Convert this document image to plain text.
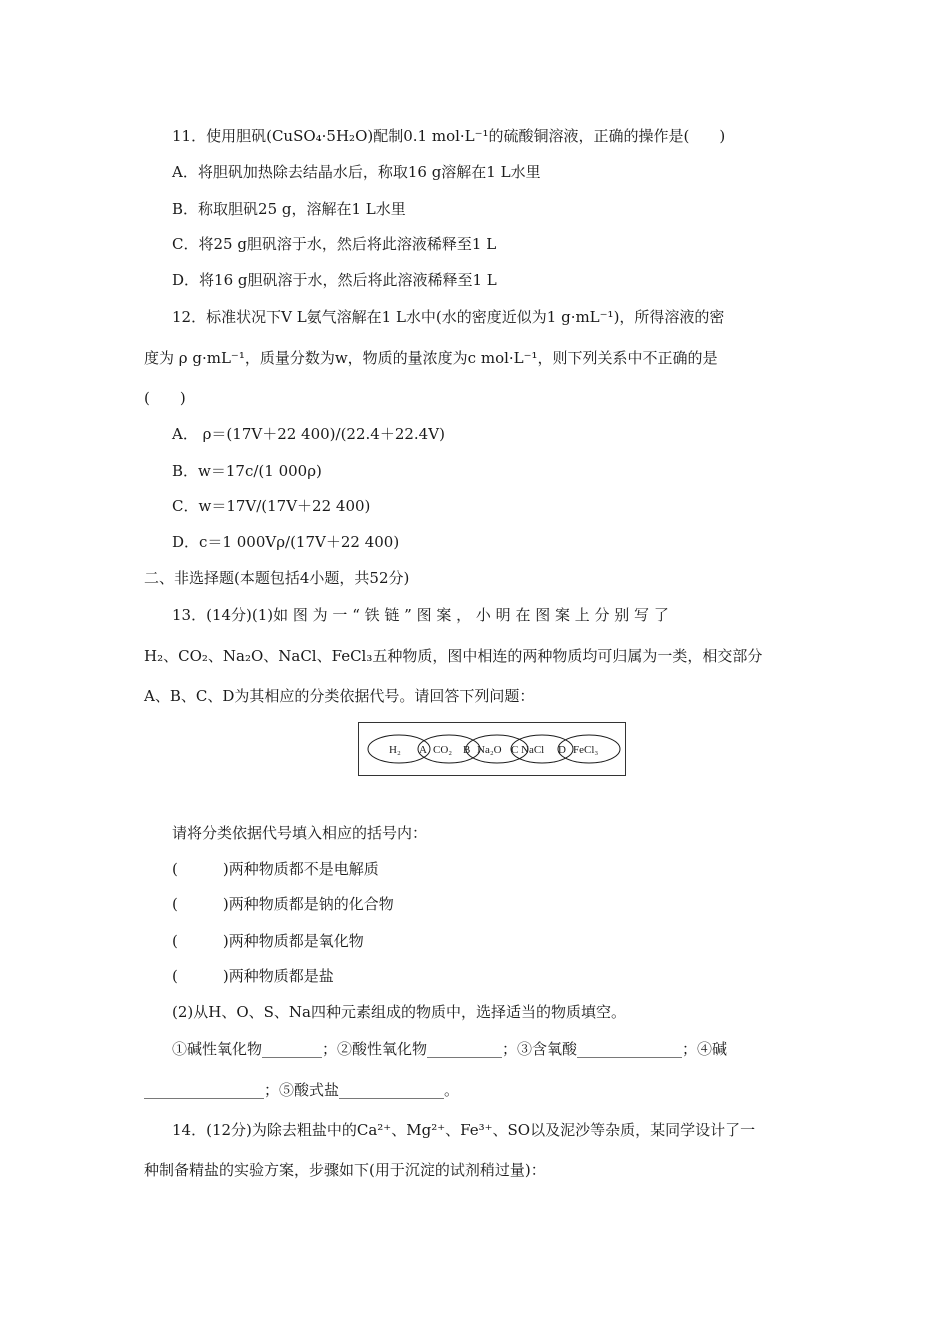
11．使用胆矾(CuSO₄·5H₂O)配制0.1 mol·L⁻¹的硫酸铜溶液，正确的操作是(　　)
A．将胆矾加热除去结晶水后，称取16 g溶解在1 L水里
B．称取胆矾25 g，溶解在1 L水里
C．将25 g胆矾溶于水，然后将此溶液稀释至1 L
D．将16 g胆矾溶于水，然后将此溶液稀释至1 L
12．标准状况下V L氨气溶解在1 L水中(水的密度近似为1 g·mL⁻¹)，所得溶液的密
度为 ρ g·mL⁻¹，质量分数为w，物质的量浓度为c mol·L⁻¹，则下列关系中不正确的是
(　　)
A． ρ＝(17V＋22 400)/(22.4＋22.4V)
B．w＝17c/(1 000ρ)
C．w＝17V/(17V＋22 400)
D．c＝1 000Vρ/(17V＋22 400)
二、非选择题(本题包括4小题，共52分)
13．(14分)(1)如 图 为 一 “ 铁 链 ” 图 案 ， 小 明 在 图 案 上 分 别 写 了
H₂、CO₂、Na₂O、NaCl、FeCl₃五种物质，图中相连的两种物质均可归属为一类，相交部分
A、B、C、D为其相应的分类依据代号。请回答下列问题：
H₂ A CO₂ B Na₂O C NaCl D FeCl₃
请将分类依据代号填入相应的括号内：
(　　　)两种物质都不是电解质
(　　　)两种物质都是钠的化合物
(　　　)两种物质都是氧化物
(　　　)两种物质都是盐
(2)从H、O、S、Na四种元素组成的物质中，选择适当的物质填空。
①碱性氧化物________；②酸性氧化物__________；③含氧酸______________；④碱
________________；⑤酸式盐______________。
14．(12分)为除去粗盐中的Ca²⁺、Mg²⁺、Fe³⁺、SO以及泥沙等杂质，某同学设计了一
种制备精盐的实验方案，步骤如下(用于沉淀的试剂稍过量)：
